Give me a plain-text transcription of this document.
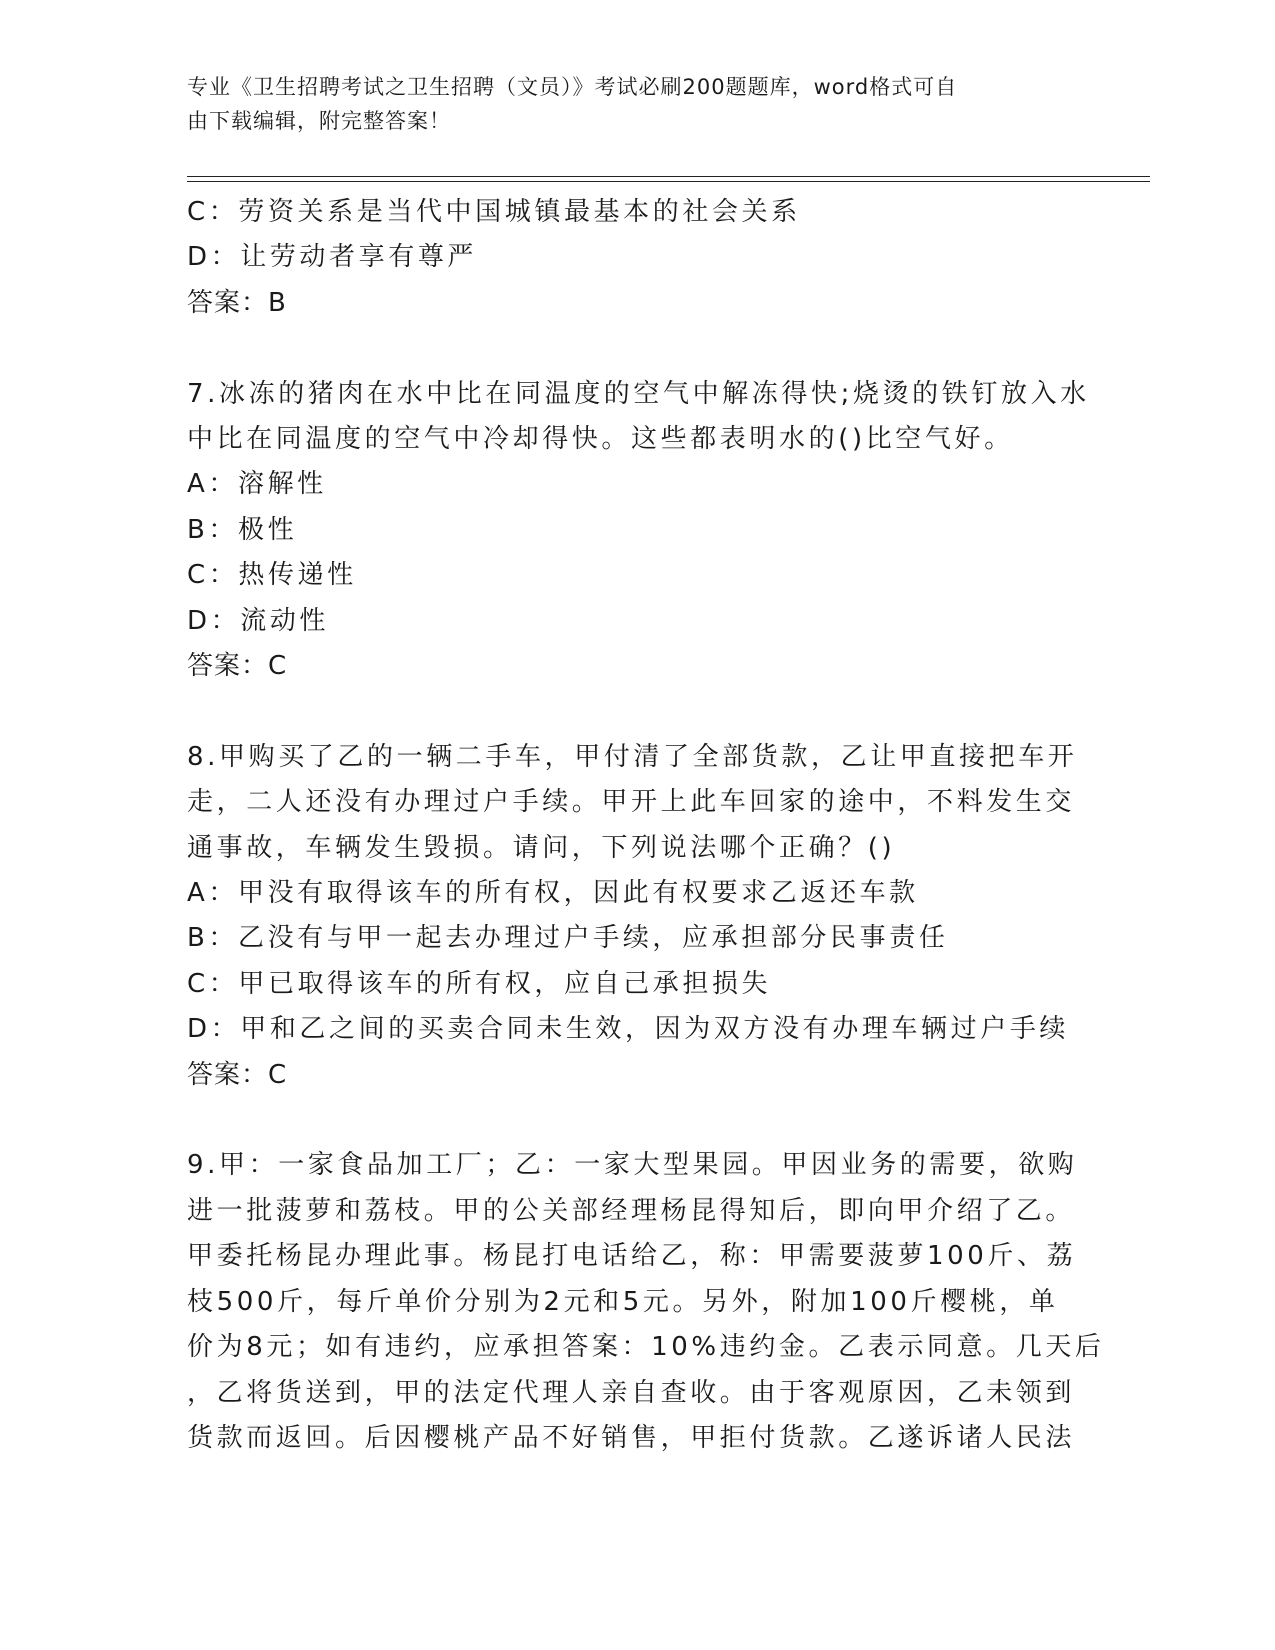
专业《卫生招聘考试之卫生招聘（文员）》考试必刷200题题库，word格式可自
由下载编辑，附完整答案！
C：劳资关系是当代中国城镇最基本的社会关系
D：让劳动者享有尊严
答案：B
7.冰冻的猪肉在水中比在同温度的空气中解冻得快;烧烫的铁钉放入水
中比在同温度的空气中冷却得快。这些都表明水的()比空气好。
A：溶解性
B：极性
C：热传递性
D：流动性
答案：C
8.甲购买了乙的一辆二手车，甲付清了全部货款，乙让甲直接把车开
走，二人还没有办理过户手续。甲开上此车回家的途中，不料发生交
通事故，车辆发生毁损。请问，下列说法哪个正确？()
A：甲没有取得该车的所有权，因此有权要求乙返还车款
B：乙没有与甲一起去办理过户手续，应承担部分民事责任
C：甲已取得该车的所有权，应自己承担损失
D：甲和乙之间的买卖合同未生效，因为双方没有办理车辆过户手续
答案：C
9.甲：一家食品加工厂；乙：一家大型果园。甲因业务的需要，欲购
进一批菠萝和荔枝。甲的公关部经理杨昆得知后，即向甲介绍了乙。
甲委托杨昆办理此事。杨昆打电话给乙，称：甲需要菠萝100斤、荔
枝500斤，每斤单价分别为2元和5元。另外，附加100斤樱桃，单
价为8元；如有违约，应承担答案：10%违约金。乙表示同意。几天后
，乙将货送到，甲的法定代理人亲自查收。由于客观原因，乙未领到
货款而返回。后因樱桃产品不好销售，甲拒付货款。乙遂诉诸人民法
